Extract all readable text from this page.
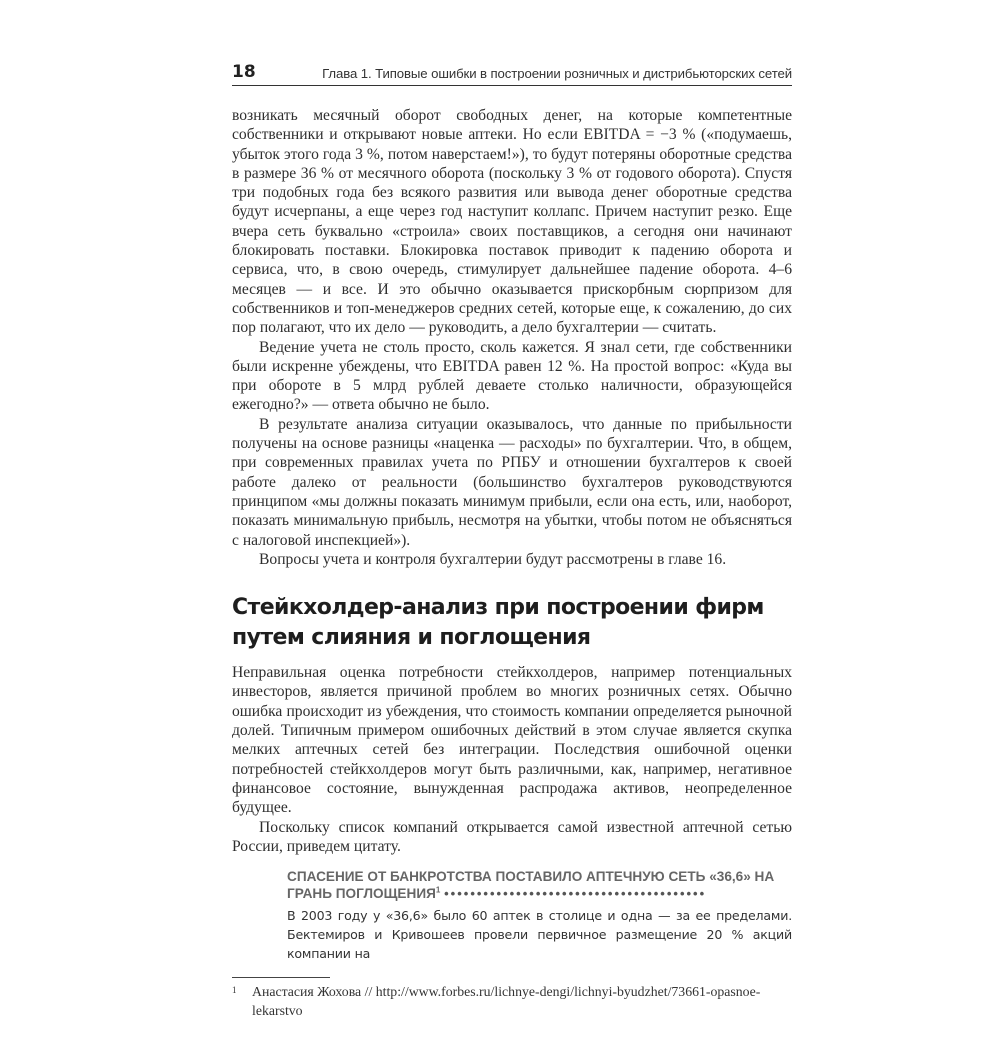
18	Глава 1. Типовые ошибки в построении розничных и дистрибьюторских сетей

возникать месячный оборот свободных денег, на которые компетентные собственники и открывают новые аптеки. Но если EBITDA = −3 % («подумаешь, убыток этого года 3 %, потом наверстаем!»), то будут потеряны оборотные средства в размере 36 % от месячного оборота (поскольку 3 % от годового оборота). Спустя три подобных года без всякого развития или вывода денег оборотные средства будут исчерпаны, а еще через год наступит коллапс. Причем наступит резко. Еще вчера сеть буквально «строила» своих поставщиков, а сегодня они начинают блокировать поставки. Блокировка поставок приводит к падению оборота и сервиса, что, в свою очередь, стимулирует дальнейшее падение оборота. 4–6 месяцев — и все. И это обычно оказывается прискорбным сюрпризом для собственников и топ-менеджеров средних сетей, которые еще, к сожалению, до сих пор полагают, что их дело — руководить, а дело бухгалтерии — считать.

Ведение учета не столь просто, сколь кажется. Я знал сети, где собственники были искренне убеждены, что EBITDA равен 12 %. На простой вопрос: «Куда вы при обороте в 5 млрд рублей деваете столько наличности, образующейся ежегодно?» — ответа обычно не было.

В результате анализа ситуации оказывалось, что данные по прибыльности получены на основе разницы «наценка — расходы» по бухгалтерии. Что, в общем, при современных правилах учета по РПБУ и отношении бухгалтеров к своей работе далеко от реальности (большинство бухгалтеров руководствуются принципом «мы должны показать минимум прибыли, если она есть, или, наоборот, показать минимальную прибыль, несмотря на убытки, чтобы потом не объясняться с налоговой инспекцией»).

Вопросы учета и контроля бухгалтерии будут рассмотрены в главе 16.

Стейкхолдер-анализ при построении фирм путем слияния и поглощения

Неправильная оценка потребности стейкхолдеров, например потенциальных инвесторов, является причиной проблем во многих розничных сетях. Обычно ошибка происходит из убеждения, что стоимость компании определяется рыночной долей. Типичным примером ошибочных действий в этом случае является скупка мелких аптечных сетей без интеграции. Последствия ошибочной оценки потребностей стейкхолдеров могут быть различными, как, например, негативное финансовое состояние, вынужденная распродажа активов, неопределенное будущее.

Поскольку список компаний открывается самой известной аптечной сетью России, приведем цитату.

СПАСЕНИЕ ОТ БАНКРОТСТВА ПОСТАВИЛО АПТЕЧНУЮ СЕТЬ «36,6» НА ГРАНЬ ПОГЛОЩЕНИЯ$^1$ ••••••••••••••••••••••••••••••••••••••••

В 2003 году у «36,6» было 60 аптек в столице и одна — за ее пределами. Бектемиров и Кривошеев провели первичное размещение 20 % акций компании на

1	Анастасия Жохова // http://www.forbes.ru/lichnye-dengi/lichnyi-byudzhet/73661-opasnoe-lekarstvo
